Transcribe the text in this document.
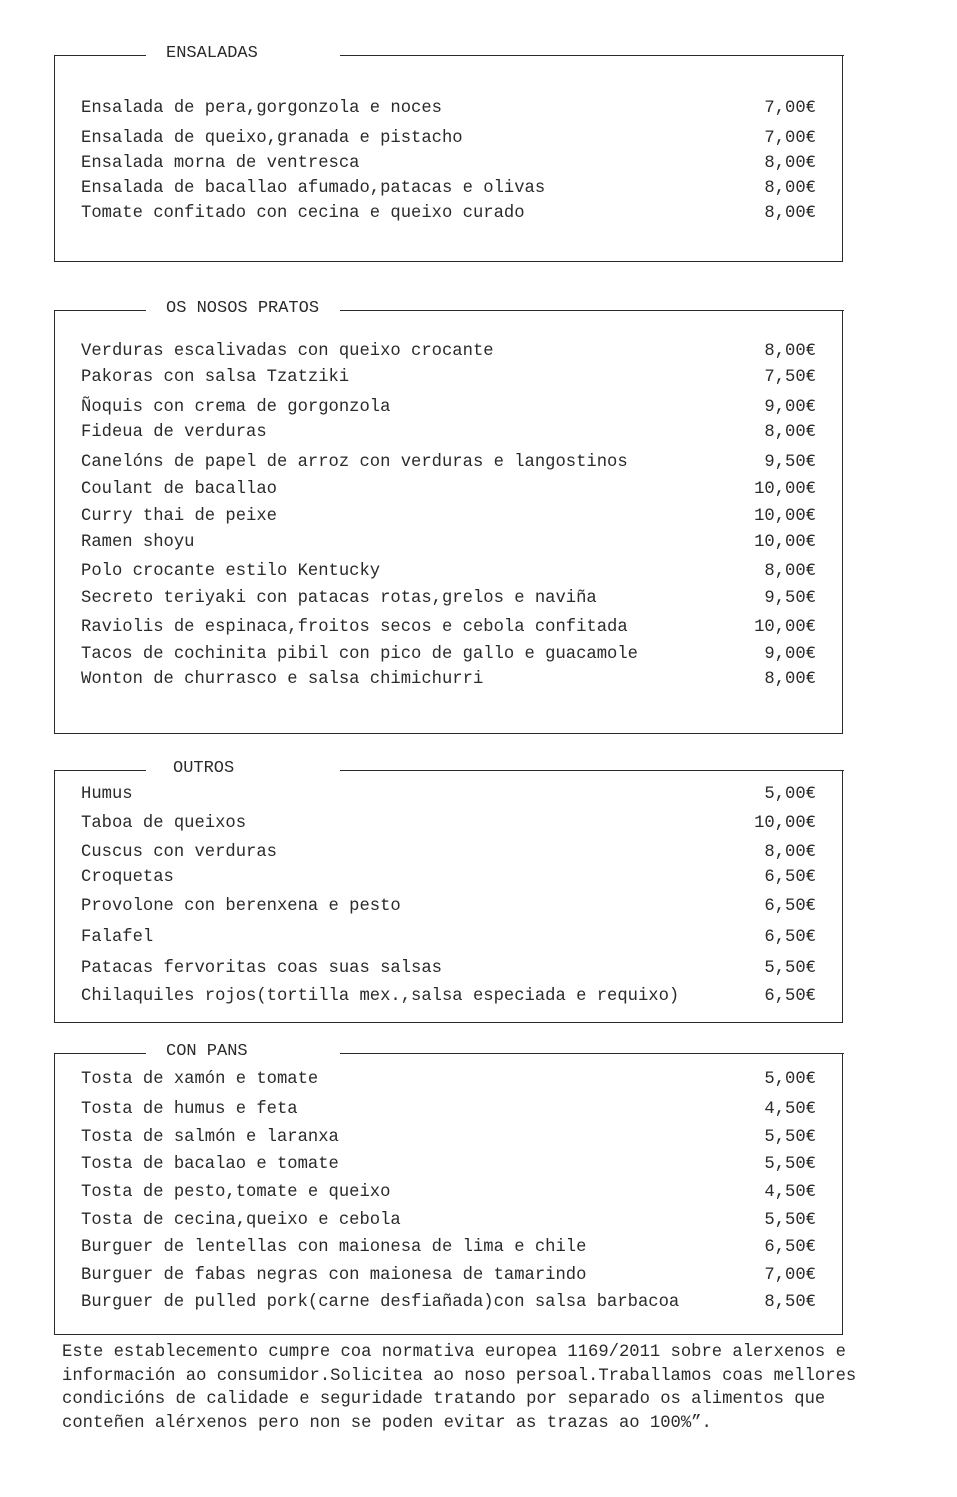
ENSALADAS
Ensalada de pera,gorgonzola e noces	7,00€
Ensalada de queixo,granada e pistacho	7,00€
Ensalada morna de ventresca	8,00€
Ensalada de bacallao afumado,patacas e olivas	8,00€
Tomate confitado con cecina e queixo curado	8,00€
OS NOSOS PRATOS
Verduras escalivadas con queixo crocante	8,00€
Pakoras con salsa Tzatziki	7,50€
Ñoquis con crema de gorgonzola	9,00€
Fideua de verduras	8,00€
Canelóns de papel de arroz con verduras e langostinos	9,50€
Coulant de bacallao	10,00€
Curry thai de peixe	10,00€
Ramen shoyu	10,00€
Polo crocante estilo Kentucky	8,00€
Secreto teriyaki con patacas rotas,grelos e naviña	9,50€
Raviolis de espinaca,froitos secos e cebola confitada	10,00€
Tacos de cochinita pibil con pico de gallo e guacamole	9,00€
Wonton de churrasco e salsa chimichurri	8,00€
OUTROS
Humus	5,00€
Taboa de queixos	10,00€
Cuscus con verduras	8,00€
Croquetas	6,50€
Provolone con berenxena e pesto	6,50€
Falafel	6,50€
Patacas fervoritas coas suas salsas	5,50€
Chilaquiles rojos(tortilla mex.,salsa especiada e requixo)	6,50€
CON PANS
Tosta de xamón e tomate	5,00€
Tosta de humus e feta	4,50€
Tosta de salmón e laranxa	5,50€
Tosta de bacalao e tomate	5,50€
Tosta de pesto,tomate e queixo	4,50€
Tosta de cecina,queixo e cebola	5,50€
Burguer de lentellas con maionesa de lima e chile	6,50€
Burguer de fabas negras con maionesa de tamarindo	7,00€
Burguer de pulled pork(carne desfiañada)con salsa barbacoa	8,50€
Este establecemento cumpre coa normativa europea 1169/2011 sobre alerxenos e
información ao consumidor.Solicitea ao noso persoal.Traballamos coas mellores
condicións de calidade e seguridade tratando por separado os alimentos que
conteñen alérxenos pero non se poden evitar as trazas ao 100%”.
